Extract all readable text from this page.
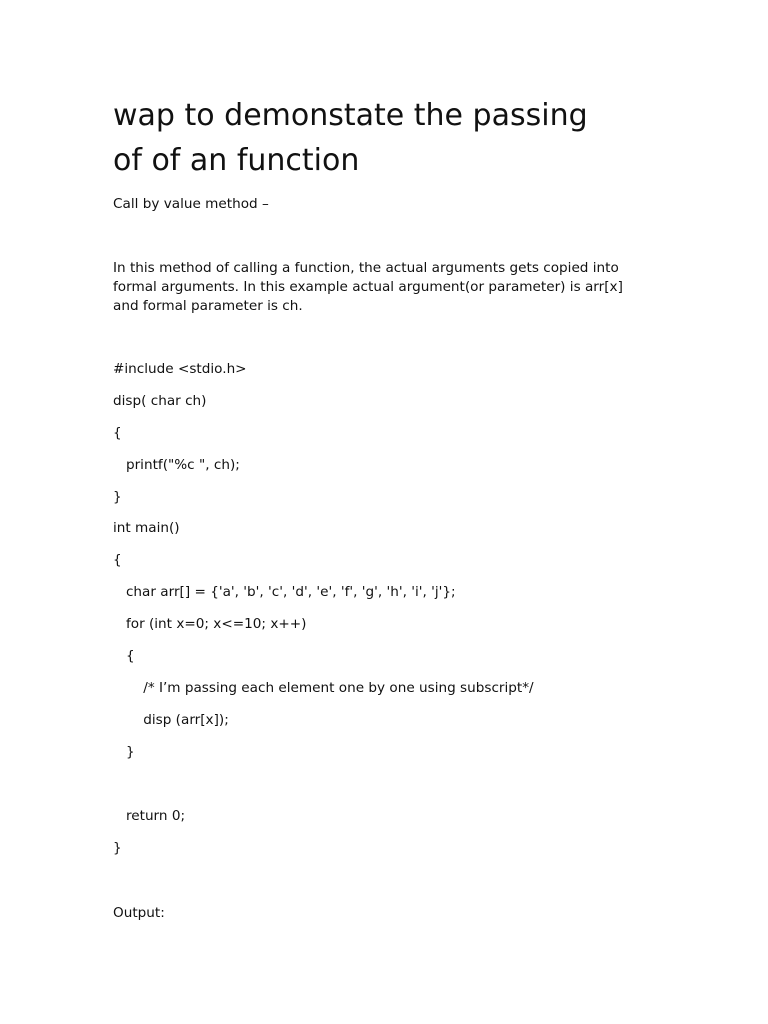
wap to demonstate the passing
of of an function

Call by value method –

In this method of calling a function, the actual arguments gets copied into
formal arguments. In this example actual argument(or parameter) is arr[x]
and formal parameter is ch.

#include <stdio.h>

disp( char ch)

{

printf("%c ", ch);

}

int main()

{

char arr[] = {'a', 'b', 'c', 'd', 'e', 'f', 'g', 'h', 'i', 'j'};

for (int x=0; x<=10; x++)

{

/* I’m passing each element one by one using subscript*/

disp (arr[x]);

}

return 0;

}

Output:
